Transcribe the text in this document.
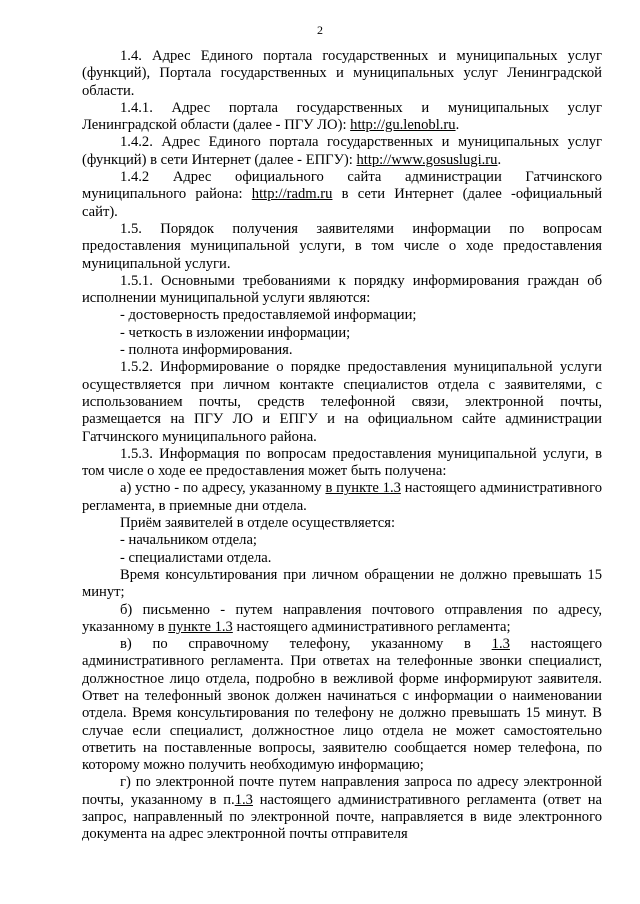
2

1.4. Адрес Единого портала государственных и муниципальных услуг (функций), Портала государственных и муниципальных услуг Ленинградской области.

1.4.1. Адрес портала государственных и муниципальных услуг Ленинградской области (далее - ПГУ ЛО): http://gu.lenobl.ru.

1.4.2. Адрес Единого портала государственных и муниципальных услуг (функций) в сети Интернет (далее - ЕПГУ): http://www.gosuslugi.ru.

1.4.2 Адрес официального сайта администрации Гатчинского муниципального района: http://radm.ru в сети Интернет (далее -официальный сайт).

1.5. Порядок получения заявителями информации по вопросам предоставления муниципальной услуги, в том числе о ходе предоставления муниципальной услуги.

1.5.1. Основными требованиями к порядку информирования граждан об исполнении муниципальной услуги являются:

- достоверность предоставляемой информации;

- четкость в изложении информации;

- полнота информирования.

1.5.2. Информирование о порядке предоставления муниципальной услуги осуществляется при личном контакте специалистов отдела с заявителями, с использованием почты, средств телефонной связи, электронной почты, размещается на ПГУ ЛО и ЕПГУ и на официальном сайте администрации Гатчинского муниципального района.

1.5.3. Информация по вопросам предоставления муниципальной услуги, в том числе о ходе ее предоставления может быть получена:

а) устно - по адресу, указанному в пункте 1.3 настоящего административного регламента, в приемные дни отдела.

Приём заявителей в отделе осуществляется:

- начальником отдела;

- специалистами отдела.

Время консультирования при личном обращении не должно превышать 15 минут;

б) письменно - путем направления почтового отправления по адресу, указанному в пункте 1.3 настоящего административного регламента;

в) по справочному телефону, указанному в 1.3 настоящего административного регламента. При ответах на телефонные звонки специалист, должностное лицо отдела, подробно в вежливой форме информируют заявителя. Ответ на телефонный звонок должен начинаться с информации о наименовании отдела. Время консультирования по телефону не должно превышать 15 минут. В случае если специалист, должностное лицо отдела не может самостоятельно ответить на поставленные вопросы, заявителю сообщается номер телефона, по которому можно получить необходимую информацию;

г) по электронной почте путем направления запроса по адресу электронной почты, указанному в п.1.3 настоящего административного регламента (ответ на запрос, направленный по электронной почте, направляется в виде электронного документа на адрес электронной почты отправителя
